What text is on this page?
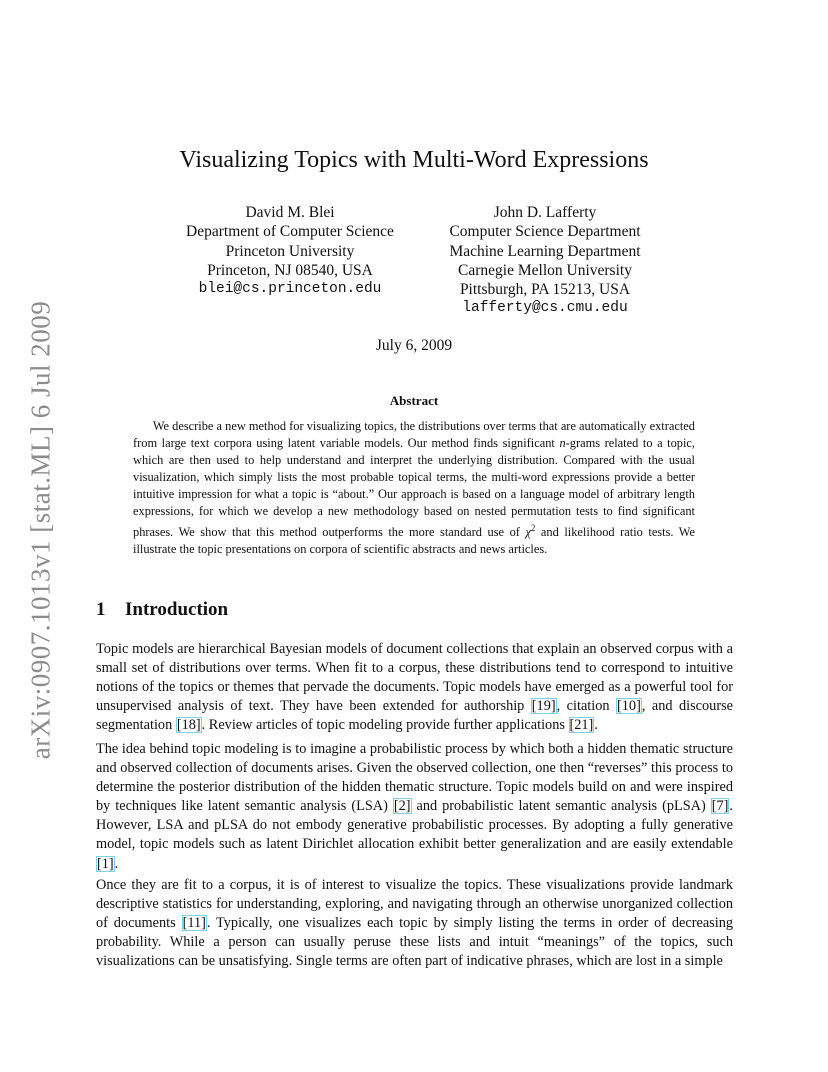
arXiv:0907.1013v1 [stat.ML] 6 Jul 2009
Visualizing Topics with Multi-Word Expressions
David M. Blei
Department of Computer Science
Princeton University
Princeton, NJ 08540, USA
blei@cs.princeton.edu
John D. Lafferty
Computer Science Department
Machine Learning Department
Carnegie Mellon University
Pittsburgh, PA 15213, USA
lafferty@cs.cmu.edu
July 6, 2009
Abstract

We describe a new method for visualizing topics, the distributions over terms that are automatically extracted from large text corpora using latent variable models. Our method finds significant n-grams related to a topic, which are then used to help understand and interpret the underlying distribution. Compared with the usual visualization, which simply lists the most probable topical terms, the multi-word expressions provide a better intuitive impression for what a topic is “about.” Our approach is based on a language model of arbitrary length expressions, for which we develop a new methodology based on nested permutation tests to find significant phrases. We show that this method outperforms the more standard use of $\chi^2$ and likelihood ratio tests. We illustrate the topic presentations on corpora of scientific abstracts and news articles.

1 Introduction

Topic models are hierarchical Bayesian models of document collections that explain an observed corpus with a small set of distributions over terms. When fit to a corpus, these distributions tend to correspond to intuitive notions of the topics or themes that pervade the documents. Topic models have emerged as a powerful tool for unsupervised analysis of text. They have been extended for authorship [19], citation [10], and discourse segmentation [18]. Review articles of topic modeling provide further applications [21].

The idea behind topic modeling is to imagine a probabilistic process by which both a hidden thematic structure and observed collection of documents arises. Given the observed collection, one then “reverses” this process to determine the posterior distribution of the hidden thematic structure. Topic models build on and were inspired by techniques like latent semantic analysis (LSA) [2] and probabilistic latent semantic analysis (pLSA) [7]. However, LSA and pLSA do not embody generative probabilistic processes. By adopting a fully generative model, topic models such as latent Dirichlet allocation exhibit better generalization and are easily extendable [1].

Once they are fit to a corpus, it is of interest to visualize the topics. These visualizations provide landmark descriptive statistics for understanding, exploring, and navigating through an otherwise unorganized collection of documents [11]. Typically, one visualizes each topic by simply listing the terms in order of decreasing probability. While a person can usually peruse these lists and intuit “meanings” of the topics, such visualizations can be unsatisfying. Single terms are often part of indicative phrases, which are lost in a simple
